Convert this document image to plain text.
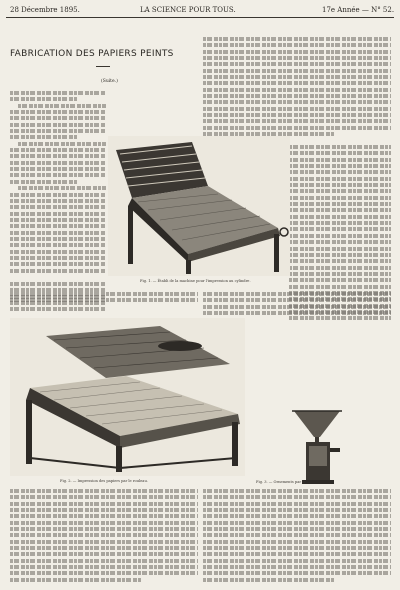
28 Décembre 1895.	LA SCIENCE POUR TOUS.	17e Année — N° 52.
FABRICATION DES PAPIERS PEINTS
(Suite.)
Fig. 1. — Établi de la machine pour l'impression au cylindre.
Fig. 2. — Impression des papiers par le rouleau.	Fig. 3. — Ornements par le ...
